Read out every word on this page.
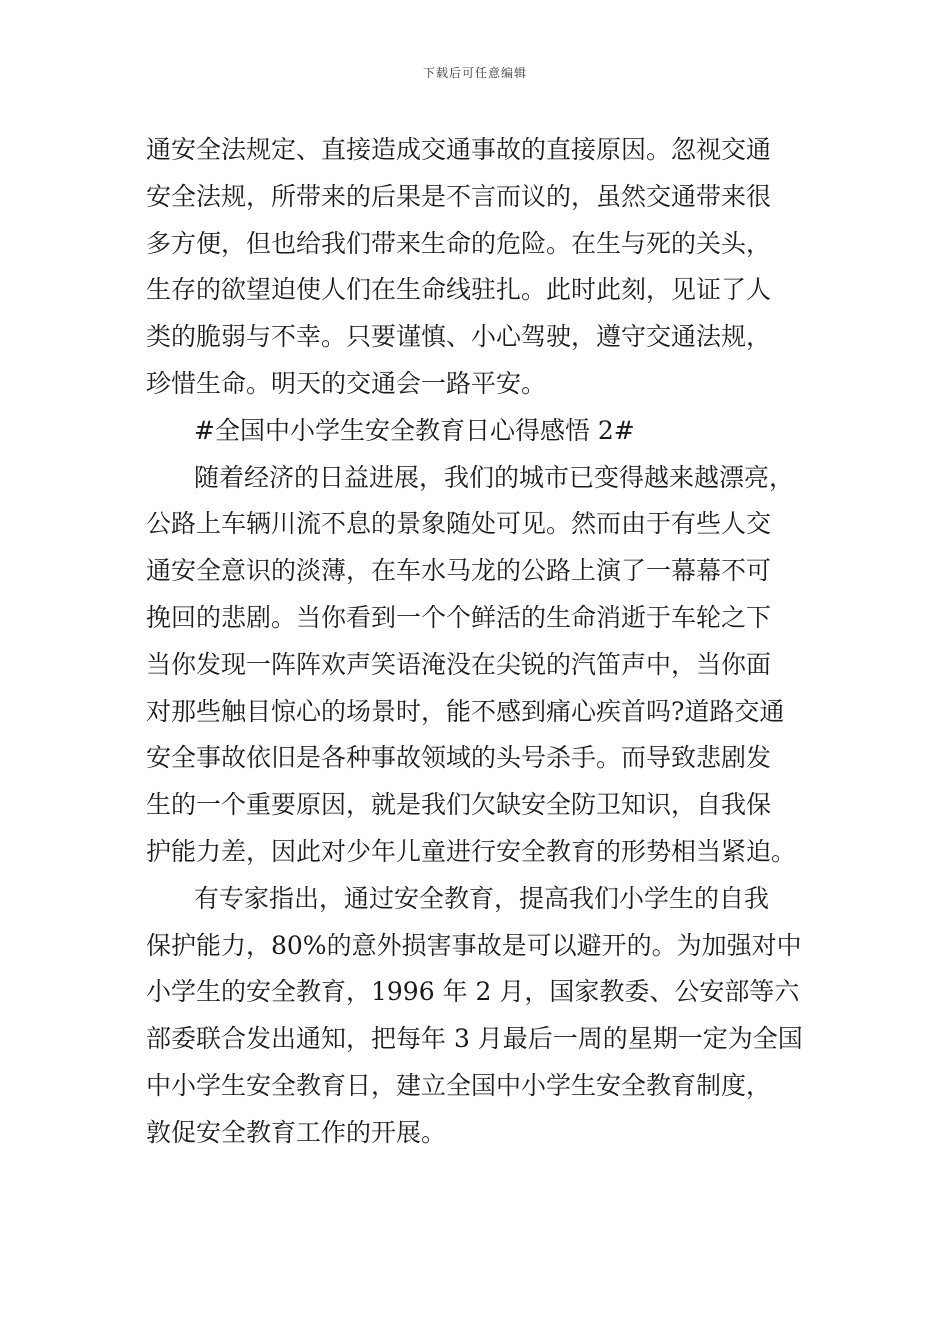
下载后可任意编辑
通安全法规定、直接造成交通事故的直接原因。忽视交通
安全法规，所带来的后果是不言而议的，虽然交通带来很
多方便，但也给我们带来生命的危险。在生与死的关头，
生存的欲望迫使人们在生命线驻扎。此时此刻，见证了人
类的脆弱与不幸。只要谨慎、小心驾驶，遵守交通法规，
珍惜生命。明天的交通会一路平安。
#全国中小学生安全教育日心得感悟 2#
随着经济的日益进展，我们的城市已变得越来越漂亮，
公路上车辆川流不息的景象随处可见。然而由于有些人交
通安全意识的淡薄，在车水马龙的公路上演了一幕幕不可
挽回的悲剧。当你看到一个个鲜活的生命消逝于车轮之下
当你发现一阵阵欢声笑语淹没在尖锐的汽笛声中，当你面
对那些触目惊心的场景时，能不感到痛心疾首吗?道路交通
安全事故依旧是各种事故领域的头号杀手。而导致悲剧发
生的一个重要原因，就是我们欠缺安全防卫知识，自我保
护能力差，因此对少年儿童进行安全教育的形势相当紧迫。
有专家指出，通过安全教育，提高我们小学生的自我
保护能力，80%的意外损害事故是可以避开的。为加强对中
小学生的安全教育，1996 年 2 月，国家教委、公安部等六
部委联合发出通知，把每年 3 月最后一周的星期一定为全国
中小学生安全教育日，建立全国中小学生安全教育制度，
敦促安全教育工作的开展。
